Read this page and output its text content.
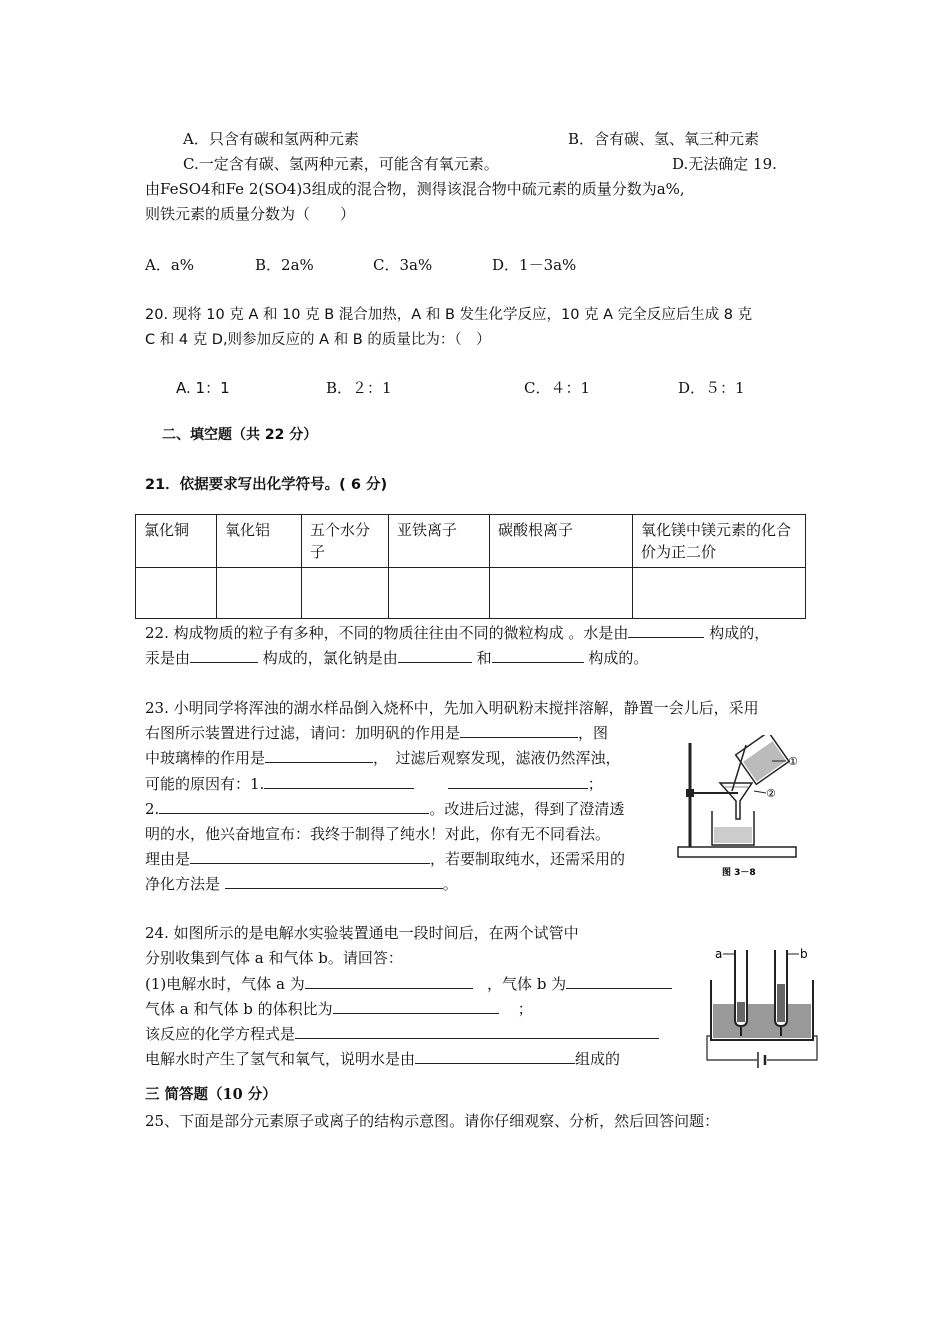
A．只含有碳和氢两种元素	B．含有碳、氢、氧三种元素
C.一定含有碳、氢两种元素，可能含有氧元素。	D.无法确定 19.
由FeSO4和Fe 2(SO4)3组成的混合物，测得该混合物中硫元素的质量分数为a%,
则铁元素的质量分数为（　　）
A．a%	B．2a%	C．3a%	D．1－3a%
20. 现将 10 克 A 和 10 克 B 混合加热，A 和 B 发生化学反应，10 克 A 完全反应后生成 8 克
C 和 4 克 D,则参加反应的 A 和 B 的质量比为：（　）
A. 1：1	B．２：1	C．４：1	D．５：1
二、填空题（共 22 分）
21．依据要求写出化学符号。( 6 分)
氯化铜	氧化铝	五个水分子	亚铁离子	碳酸根离子	氧化镁中镁元素的化合价为正二价

22. 构成物质的粒子有多种，不同的物质往往由不同的微粒构成 。水是由	构成的，
汞是由	构成的，氯化钠是由	和	构成的。
23. 小明同学将浑浊的湖水样品倒入烧杯中，先加入明矾粉末搅拌溶解，静置一会儿后，采用
右图所示装置进行过滤，请问：加明矾的作用是	，图
中玻璃棒的作用是	，　过滤后观察发现，滤液仍然浑浊，
可能的原因有：1.	；
2.	。改进后过滤，得到了澄清透
明的水，他兴奋地宣布：我终于制得了纯水！对此，你有无不同看法。
理由是	，若要制取纯水，还需采用的
净化方法是	。
①
②
图 3－8
24. 如图所示的是电解水实验装置通电一段时间后，在两个试管中
分别收集到气体 a 和气体 b。请回答：
(1)电解水时，气体 a 为	，气体 b 为
气体 a 和气体 b 的体积比为	；
该反应的化学方程式是
电解水时产生了氢气和氧气，说明水是由	组成的
a	b
三 简答题（10 分）
25、下面是部分元素原子或离子的结构示意图。请你仔细观察、分析，然后回答问题：
